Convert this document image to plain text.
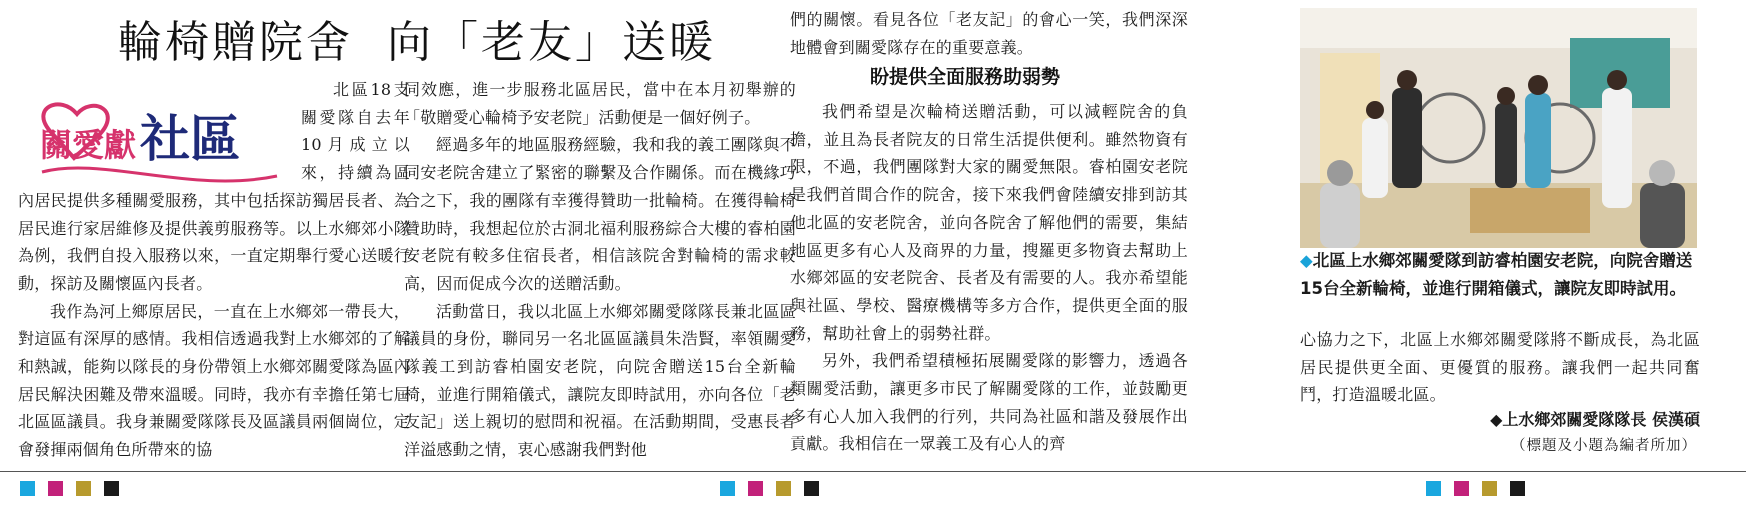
輪椅贈院舍  向「老友」送暖

北區18支關愛隊自去年10月成立以來，持續為區內居民提供多種關愛服務，其中包括探訪獨居長者、為居民進行家居維修及提供義剪服務等。以上水鄉郊小隊為例，我們自投入服務以來，一直定期舉行愛心送暖行動，探訪及關懷區內長者。

我作為河上鄉原居民，一直在上水鄉郊一帶長大，對這區有深厚的感情。我相信透過我對上水鄉郊的了解和熱誠，能夠以隊長的身份帶領上水鄉郊關愛隊為區內居民解決困難及帶來溫暖。同時，我亦有幸擔任第七屆北區區議員。我身兼關愛隊隊長及區議員兩個崗位，定會發揮兩個角色所帶來的協

關愛獻 社區

同效應，進一步服務北區居民，當中在本月初舉辦的「敬贈愛心輪椅予安老院」活動便是一個好例子。

經過多年的地區服務經驗，我和我的義工團隊與不同安老院舍建立了緊密的聯繫及合作關係。而在機緣巧合之下，我的團隊有幸獲得贊助一批輪椅。在獲得輪椅贊助時，我想起位於古洞北福利服務綜合大樓的睿柏園安老院有較多住宿長者，相信該院舍對輪椅的需求較高，因而促成今次的送贈活動。

活動當日，我以北區上水鄉郊關愛隊隊長兼北區區議員的身份，聯同另一名北區區議員朱浩賢，率領關愛隊義工到訪睿柏園安老院，向院舍贈送15台全新輪椅，並進行開箱儀式，讓院友即時試用，亦向各位「老友記」送上親切的慰問和祝福。在活動期間，受惠長者洋溢感動之情，衷心感謝我們對他

們的關懷。看見各位「老友記」的會心一笑，我們深深地體會到關愛隊存在的重要意義。

盼提供全面服務助弱勢

我們希望是次輪椅送贈活動，可以減輕院舍的負擔，並且為長者院友的日常生活提供便利。雖然物資有限，不過，我們團隊對大家的關愛無限。睿柏園安老院是我們首間合作的院舍，接下來我們會陸續安排到訪其他北區的安老院舍，並向各院舍了解他們的需要，集結地區更多有心人及商界的力量，搜羅更多物資去幫助上水鄉郊區的安老院舍、長者及有需要的人。我亦希望能與社區、學校、醫療機構等多方合作，提供更全面的服務，幫助社會上的弱勢社群。

另外，我們希望積極拓展關愛隊的影響力，透過各類關愛活動，讓更多市民了解關愛隊的工作，並鼓勵更多有心人加入我們的行列，共同為社區和諧及發展作出貢獻。我相信在一眾義工及有心人的齊

◆北區上水鄉郊關愛隊到訪睿柏園安老院，向院舍贈送15台全新輪椅，並進行開箱儀式，讓院友即時試用。

心協力之下，北區上水鄉郊關愛隊將不斷成長，為北區居民提供更全面、更優質的服務。讓我們一起共同奮鬥，打造溫暖北區。

◆上水鄉郊關愛隊隊長 侯漢碩
（標題及小題為編者所加）
